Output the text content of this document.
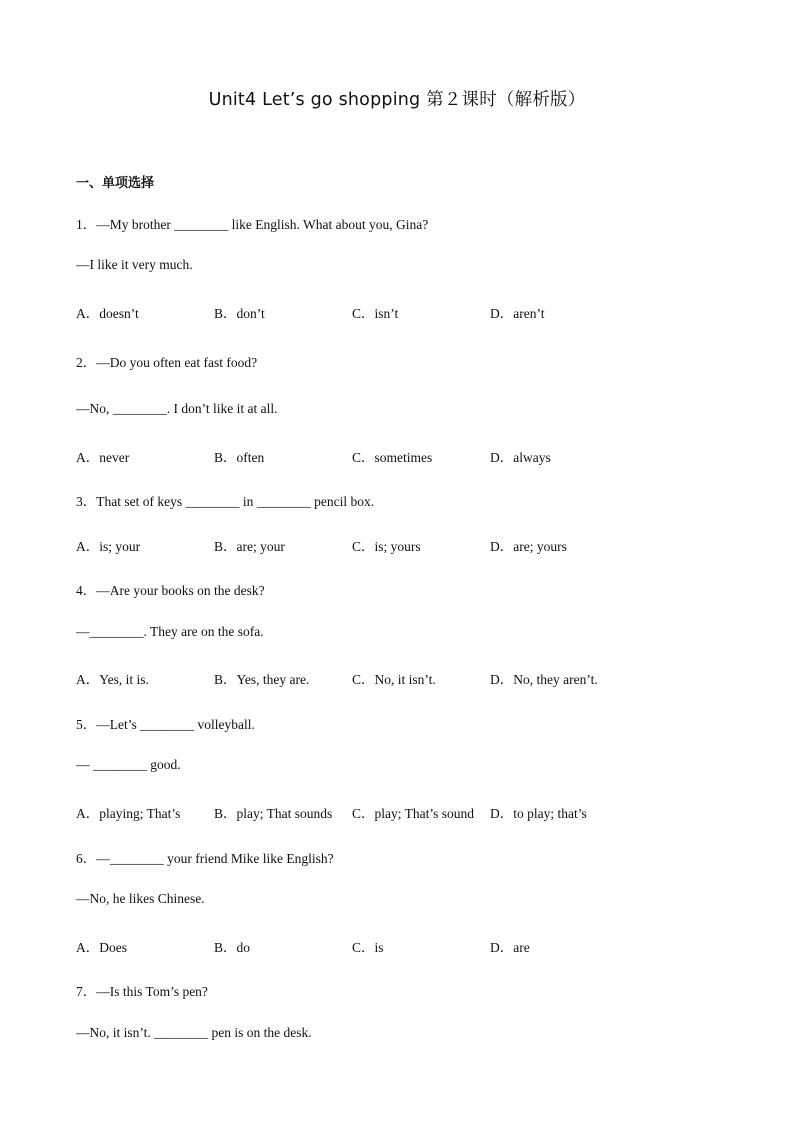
Unit4 Let’s go shopping 第２课时（解析版）
一、单项选择
1．—My brother ________ like English. What about you, Gina?
—I like it very much.
A．doesn’t	B．don’t	C．isn’t	D．aren’t
2．—Do you often eat fast food?
—No, ________. I don’t like it at all.
A．never	B．often	C．sometimes	D．always
3．That set of keys ________ in ________ pencil box.
A．is; your	B．are; your	C．is; yours	D．are; yours
4．—Are your books on the desk?
—________. They are on the sofa.
A．Yes, it is.	B．Yes, they are.	C．No, it isn’t.	D．No, they aren’t.
5．—Let’s ________ volleyball.
— ________ good.
A．playing; That’s B．play; That sounds C．play; That’s sound D．to play; that’s
6．—________ your friend Mike like English?
—No, he likes Chinese.
A．Does	B．do	C．is	D．are
7．—Is this Tom’s pen?
—No, it isn’t. ________ pen is on the desk.
